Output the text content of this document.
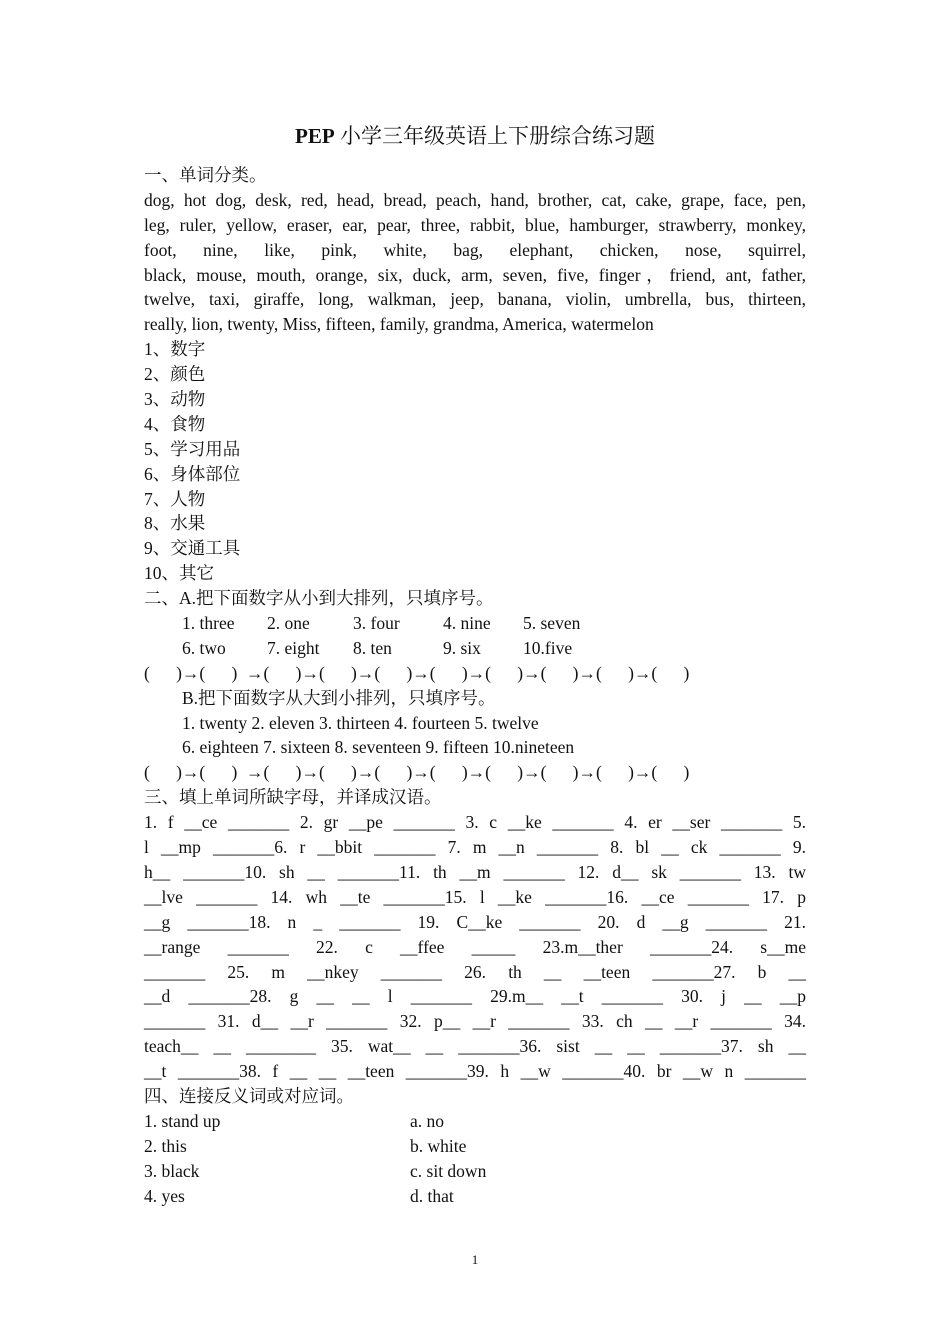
PEP 小学三年级英语上下册综合练习题
一、单词分类。
dog, hot dog, desk, red, head, bread, peach, hand, brother, cat, cake, grape, face, pen,
leg, ruler, yellow, eraser, ear, pear, three, rabbit, blue, hamburger, strawberry, monkey,
foot, nine, like, pink, white, bag, elephant, chicken, nose, squirrel,
black, mouse, mouth, orange, six, duck, arm, seven, five, finger，friend, ant, father,
twelve, taxi, giraffe, long, walkman, jeep, banana, violin, umbrella, bus, thirteen,
really, lion, twenty, Miss, fifteen, family, grandma, America, watermelon
1、数字
2、颜色
3、动物
4、食物
5、学习用品
6、身体部位
7、人物
8、水果
9、交通工具
10、其它
二、A.把下面数字从小到大排列，只填序号。
1. three 2. one 3. four 4. nine 5. seven
6. two 7. eight 8. ten	9. six 10.five
(      )→(      )  →(      )→(      )→(      )→(      )→(      )→(      )→(      )→(      )
B.把下面数字从大到小排列，只填序号。
1. twenty 2. eleven 3. thirteen 4. fourteen 5. twelve
6. eighteen 7. sixteen 8. seventeen 9. fifteen 10.nineteen
(      )→(      )  →(      )→(      )→(      )→(      )→(      )→(      )→(      )→(      )
三、填上单词所缺字母，并译成汉语。
1. f __ce _______ 2. gr __pe _______ 3. c __ke _______ 4. er __ser _______ 5.
l __mp _______6. r __bbit _______ 7. m __n _______ 8. bl __ ck _______ 9.
h__ _______10. sh __ _______11. th __m _______ 12. d__ sk _______ 13. tw
__lve _______ 14. wh __te _______15. l __ke _______16. __ce _______ 17. p
__g _______18. n _ _______ 19. C__ke _______ 20. d __g _______ 21.
__range _______ 22. c __ffee _____ 23.m__ther _______24. s__me
_______ 25. m __nkey _______ 26. th __ __teen _______27. b __
__d _______28. g __ __ l _______ 29.m__ __t _______ 30. j __ __p
_______ 31. d__ __r _______ 32. p__ __r _______ 33. ch __ __r _______ 34.
teach__ __ ________ 35. wat__ __ _______36. sist __ __ _______37. sh __
__t _______38. f __ __ __teen _______39. h __w _______40. br __w n _______
四、连接反义词或对应词。
1. stand up	a. no
2. this	b. white
3. black	c. sit down
4. yes	d. that
1
